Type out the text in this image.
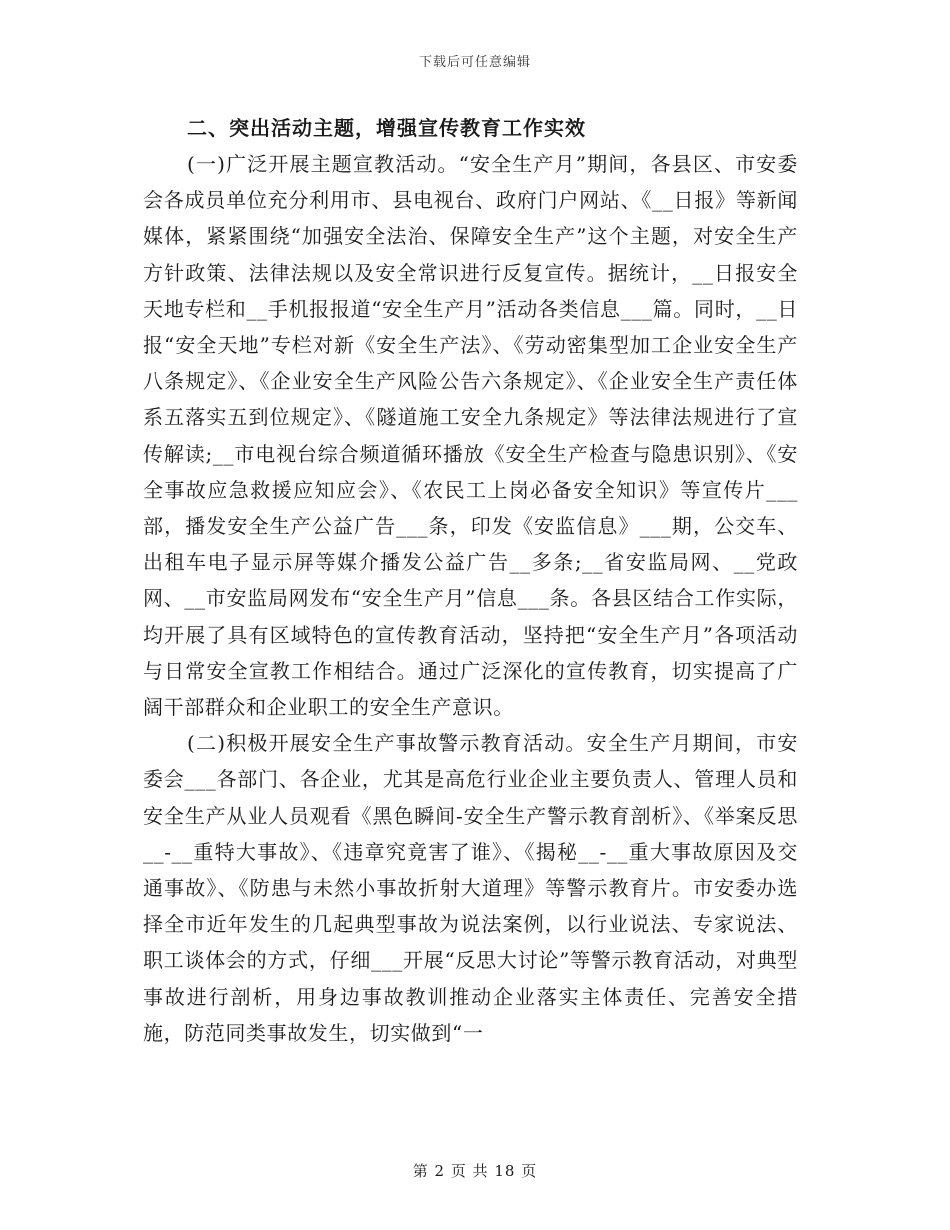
下载后可任意编辑
二、突出活动主题，增强宣传教育工作实效

(一)广泛开展主题宣教活动。“安全生产月”期间，各县区、市安委会各成员单位充分利用市、县电视台、政府门户网站、《__日报》等新闻媒体，紧紧围绕“加强安全法治、保障安全生产”这个主题，对安全生产方针政策、法律法规以及安全常识进行反复宣传。据统计，__日报安全天地专栏和__手机报报道“安全生产月”活动各类信息___篇。同时，__日报“安全天地”专栏对新《安全生产法》、《劳动密集型加工企业安全生产八条规定》、《企业安全生产风险公告六条规定》、《企业安全生产责任体系五落实五到位规定》、《隧道施工安全九条规定》等法律法规进行了宣传解读;__市电视台综合频道循环播放《安全生产检查与隐患识别》、《安全事故应急救援应知应会》、《农民工上岗必备安全知识》等宣传片___部，播发安全生产公益广告___条，印发《安监信息》___期，公交车、出租车电子显示屏等媒介播发公益广告__多条;__省安监局网、__党政网、__市安监局网发布“安全生产月”信息___条。各县区结合工作实际，均开展了具有区域特色的宣传教育活动，坚持把“安全生产月”各项活动与日常安全宣教工作相结合。通过广泛深化的宣传教育，切实提高了广阔干部群众和企业职工的安全生产意识。

(二)积极开展安全生产事故警示教育活动。安全生产月期间，市安委会___各部门、各企业，尤其是高危行业企业主要负责人、管理人员和安全生产从业人员观看《黑色瞬间-安全生产警示教育剖析》、《举案反思__-__重特大事故》、《违章究竟害了谁》、《揭秘__-__重大事故原因及交通事故》、《防患与未然小事故折射大道理》等警示教育片。市安委办选择全市近年发生的几起典型事故为说法案例，以行业说法、专家说法、职工谈体会的方式，仔细___开展“反思大讨论”等警示教育活动，对典型事故进行剖析，用身边事故教训推动企业落实主体责任、完善安全措施，防范同类事故发生，切实做到“一

第 2 页 共 18 页
